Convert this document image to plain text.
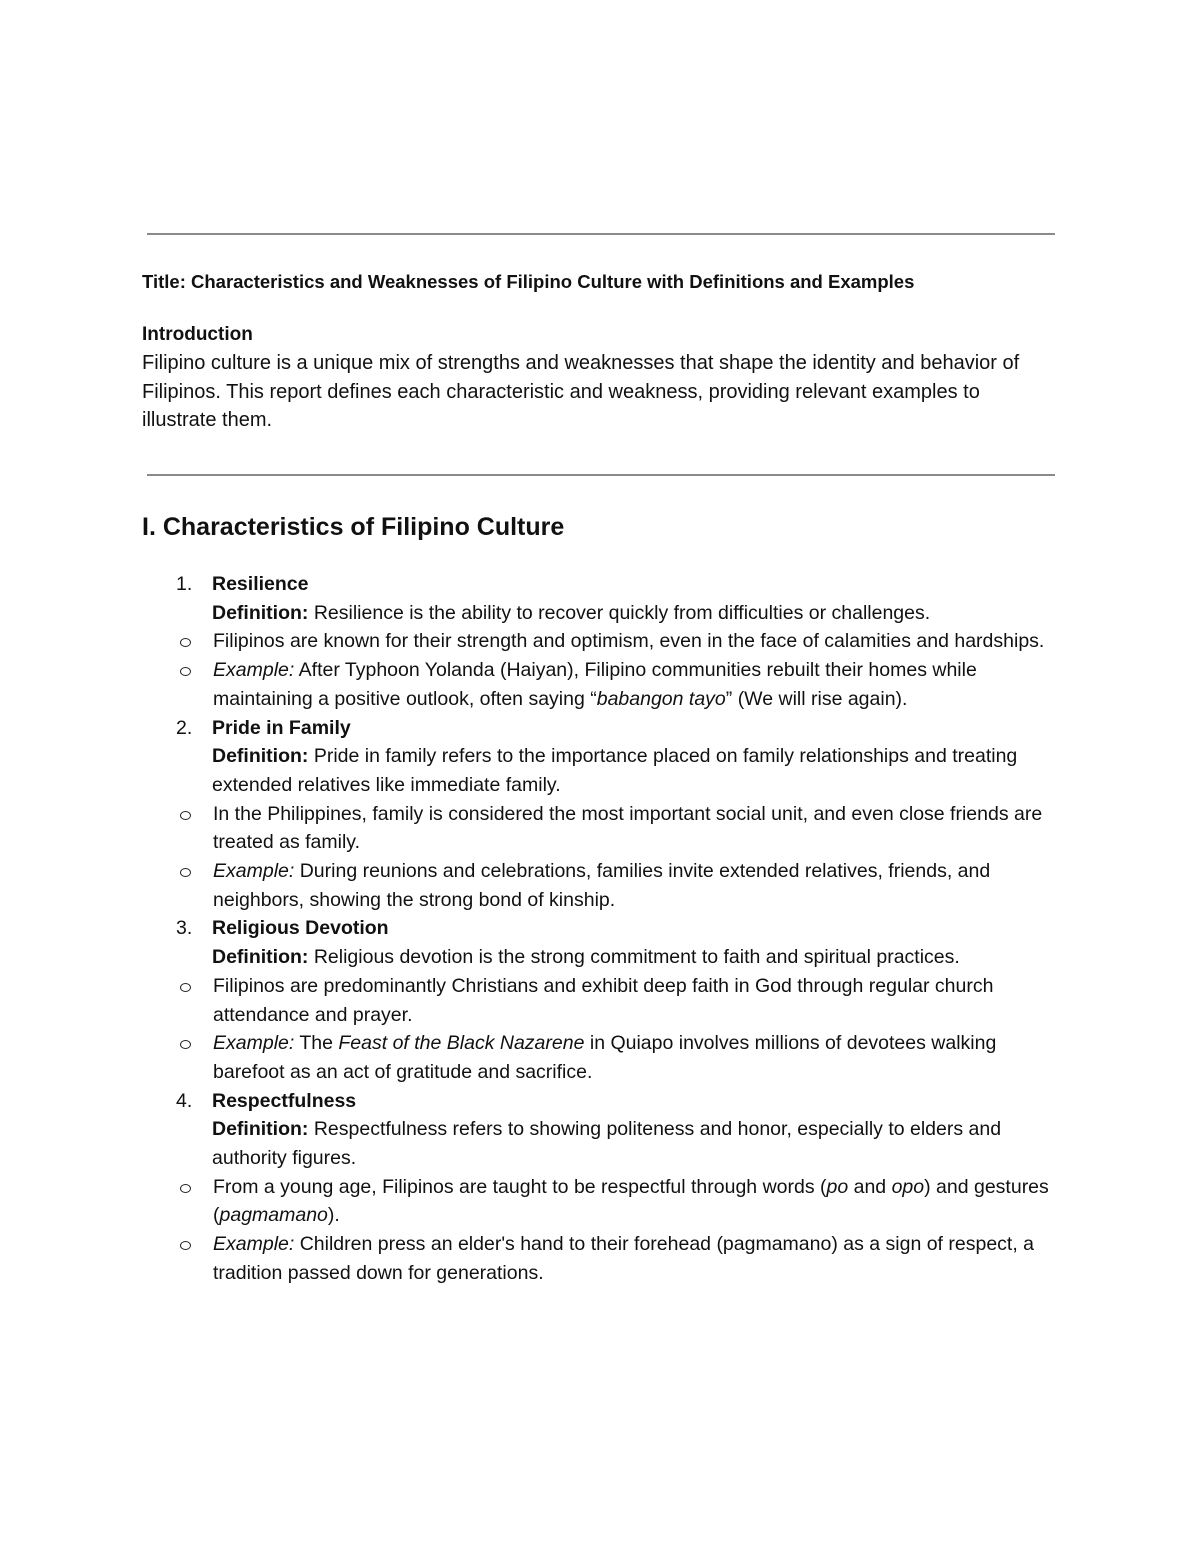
Title: Characteristics and Weaknesses of Filipino Culture with Definitions and Examples

Introduction

Filipino culture is a unique mix of strengths and weaknesses that shape the identity and behavior of Filipinos. This report defines each characteristic and weakness, providing relevant examples to illustrate them.

I. Characteristics of Filipino Culture
1. Resilience
Definition: Resilience is the ability to recover quickly from difficulties or challenges.
Filipinos are known for their strength and optimism, even in the face of calamities and hardships.
Example: After Typhoon Yolanda (Haiyan), Filipino communities rebuilt their homes while maintaining a positive outlook, often saying “babangon tayo” (We will rise again).
2. Pride in Family
Definition: Pride in family refers to the importance placed on family relationships and treating extended relatives like immediate family.
In the Philippines, family is considered the most important social unit, and even close friends are treated as family.
Example: During reunions and celebrations, families invite extended relatives, friends, and neighbors, showing the strong bond of kinship.
3. Religious Devotion
Definition: Religious devotion is the strong commitment to faith and spiritual practices.
Filipinos are predominantly Christians and exhibit deep faith in God through regular church attendance and prayer.
Example: The Feast of the Black Nazarene in Quiapo involves millions of devotees walking barefoot as an act of gratitude and sacrifice.
4. Respectfulness
Definition: Respectfulness refers to showing politeness and honor, especially to elders and authority figures.
From a young age, Filipinos are taught to be respectful through words (po and opo) and gestures (pagmamano).
Example: Children press an elder's hand to their forehead (pagmamano) as a sign of respect, a tradition passed down for generations.
